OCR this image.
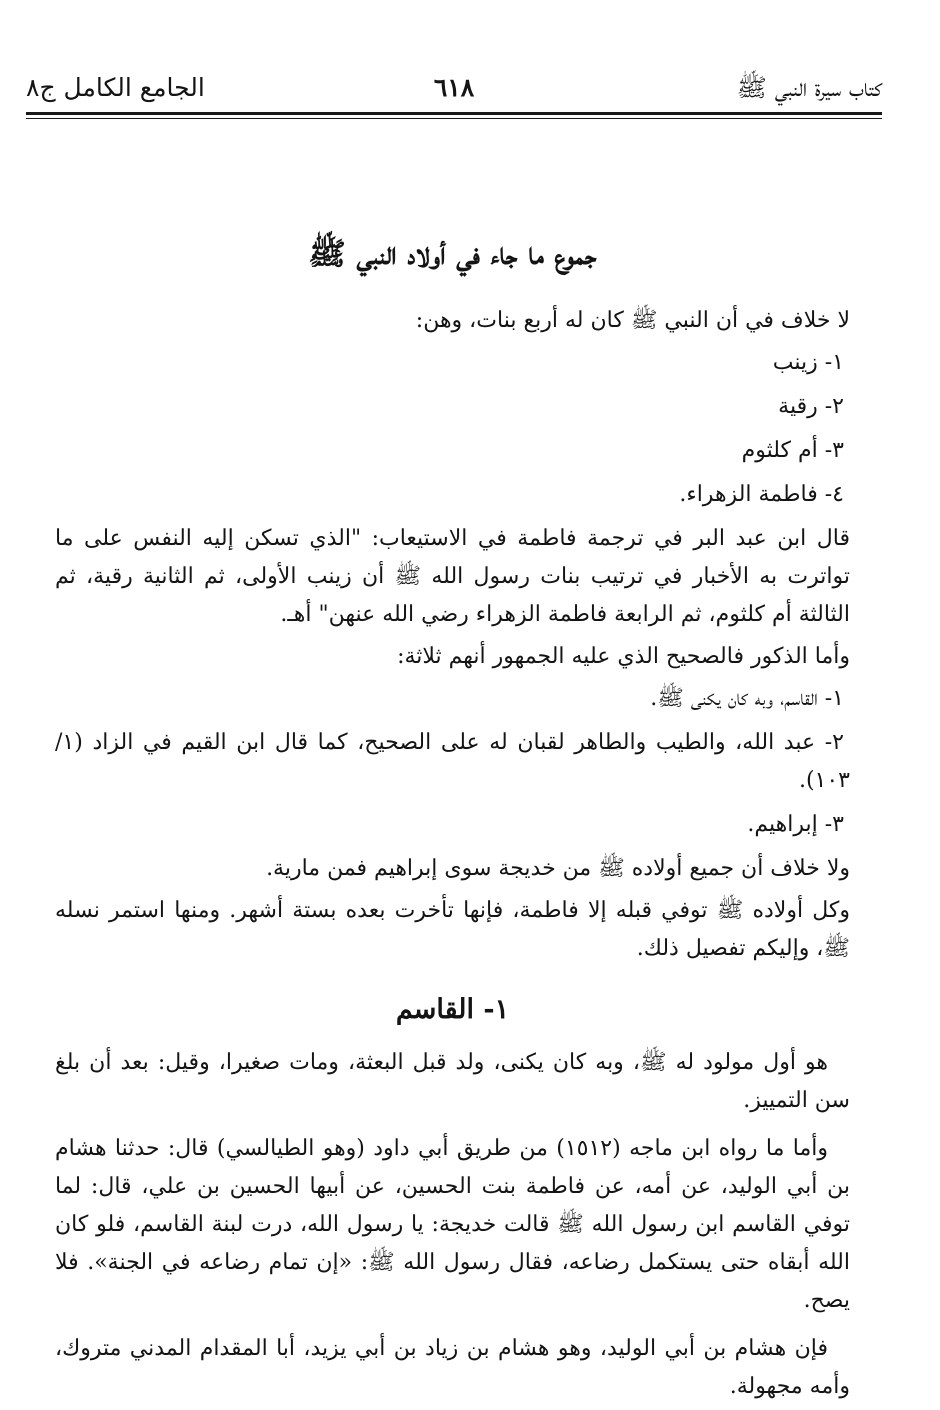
كتاب سيرة النبي ﷺ
٦١٨
الجامع الكامل ج٨
جموع ما جاء في أولاد النبي ﷺ
لا خلاف في أن النبي ﷺ كان له أربع بنات، وهن:
١- زينب
٢- رقية
٣- أم كلثوم
٤- فاطمة الزهراء.
قال ابن عبد البر في ترجمة فاطمة في الاستيعاب: "الذي تسكن إليه النفس على ما تواترت به الأخبار في ترتيب بنات رسول الله ﷺ أن زينب الأولى، ثم الثانية رقية، ثم الثالثة أم كلثوم، ثم الرابعة فاطمة الزهراء رضي الله عنهن" أهـ.
وأما الذكور فالصحيح الذي عليه الجمهور أنهم ثلاثة:
١- القاسم، وبه كان يكنى ﷺ.
٢- عبد الله، والطيب والطاهر لقبان له على الصحيح، كما قال ابن القيم في الزاد (١/ ١٠٣).
٣- إبراهيم.
ولا خلاف أن جميع أولاده ﷺ من خديجة سوى إبراهيم فمن مارية.
وكل أولاده ﷺ توفي قبله إلا فاطمة، فإنها تأخرت بعده بستة أشهر. ومنها استمر نسله ﷺ، وإليكم تفصيل ذلك.
١- القاسم
هو أول مولود له ﷺ، وبه كان يكنى، ولد قبل البعثة، ومات صغيرا، وقيل: بعد أن بلغ سن التمييز.
وأما ما رواه ابن ماجه (١٥١٢) من طريق أبي داود (وهو الطيالسي) قال: حدثنا هشام بن أبي الوليد، عن أمه، عن فاطمة بنت الحسين، عن أبيها الحسين بن علي، قال: لما توفي القاسم ابن رسول الله ﷺ قالت خديجة: يا رسول الله، درت لبنة القاسم، فلو كان الله أبقاه حتى يستكمل رضاعه، فقال رسول الله ﷺ: «إن تمام رضاعه في الجنة». فلا يصح.
فإن هشام بن أبي الوليد، وهو هشام بن زياد بن أبي يزيد، أبا المقدام المدني متروك، وأمه مجهولة.
